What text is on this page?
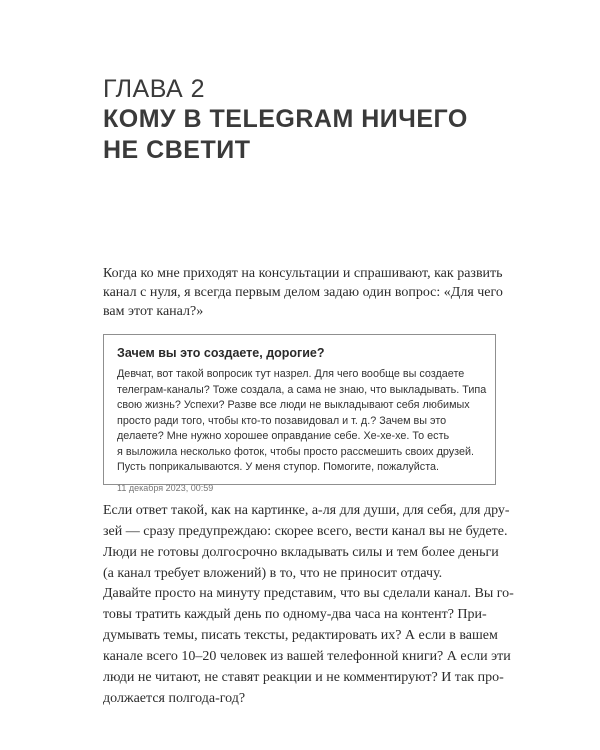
ГЛАВА 2
КОМУ В TELEGRAM НИЧЕГО
НЕ СВЕТИТ

Когда ко мне приходят на консультации и спрашивают, как развить
канал с нуля, я всегда первым делом задаю один вопрос: «Для чего
вам этот канал?»

Зачем вы это создаете, дорогие?

Девчат, вот такой вопросик тут назрел. Для чего вообще вы создаете
телеграм-каналы? Тоже создала, а сама не знаю, что выкладывать. Типа
свою жизнь? Успехи? Разве все люди не выкладывают себя любимых
просто ради того, чтобы кто-то позавидовал и т. д.? Зачем вы это
делаете? Мне нужно хорошее оправдание себе. Хе-хе-хе. То есть
я выложила несколько фоток, чтобы просто рассмешить своих друзей.
Пусть поприкалываются. У меня ступор. Помогите, пожалуйста.

11 декабря 2023, 00:59

Если ответ такой, как на картинке, а-ля для души, для себя, для дру-
зей — сразу предупреждаю: скорее всего, вести канал вы не будете.
Люди не готовы долгосрочно вкладывать силы и тем более деньги
(а канал требует вложений) в то, что не приносит отдачу.

Давайте просто на минуту представим, что вы сделали канал. Вы го-
товы тратить каждый день по одному-два часа на контент? При-
думывать темы, писать тексты, редактировать их? А если в вашем
канале всего 10–20 человек из вашей телефонной книги? А если эти
люди не читают, не ставят реакции и не комментируют? И так про-
должается полгода-год?
